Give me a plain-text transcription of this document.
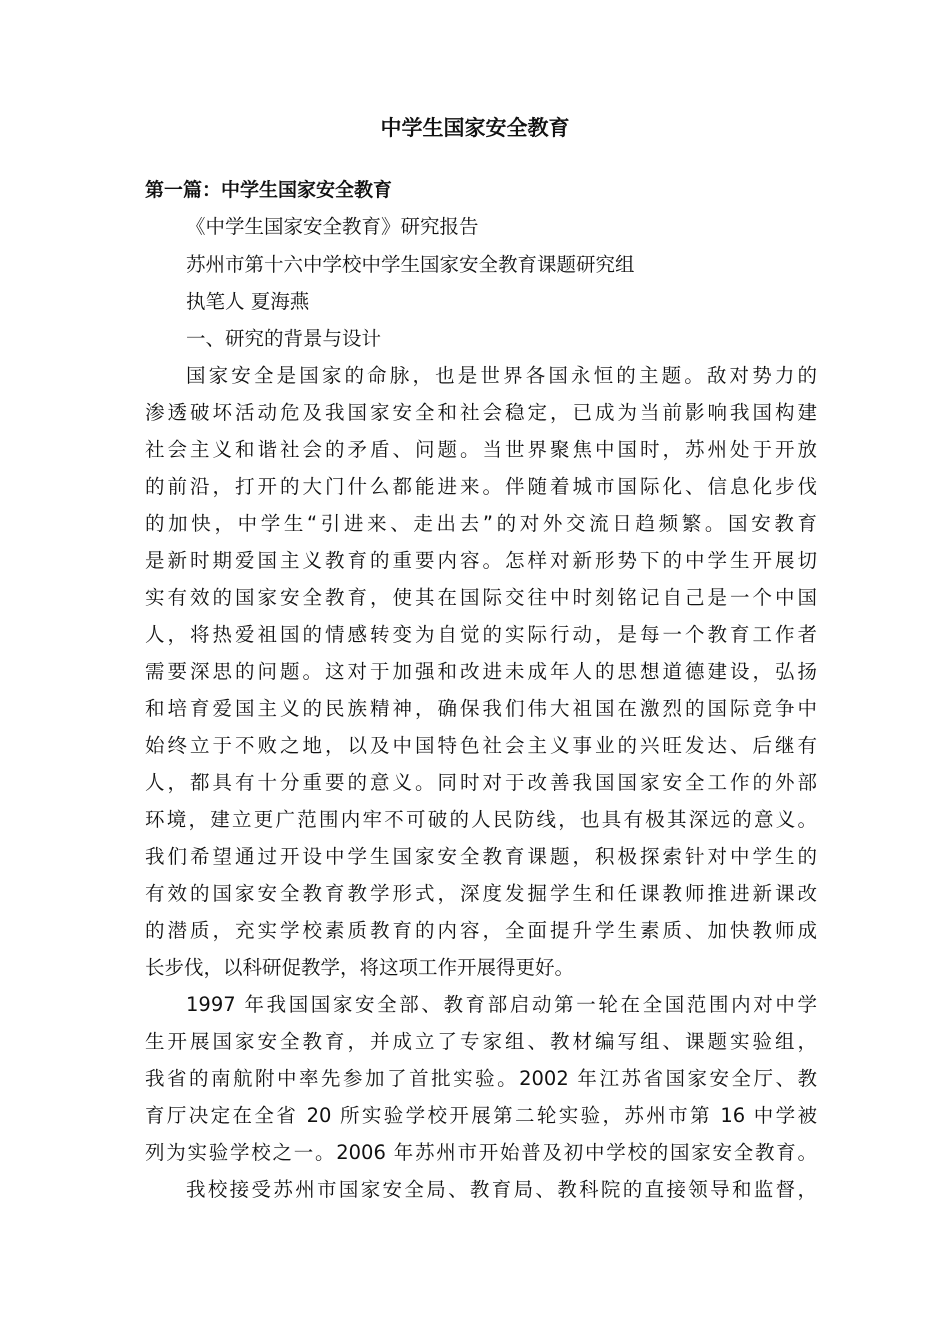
中学生国家安全教育
第一篇：中学生国家安全教育
《中学生国家安全教育》研究报告
苏州市第十六中学校中学生国家安全教育课题研究组
执笔人 夏海燕
一、研究的背景与设计
国家安全是国家的命脉，也是世界各国永恒的主题。敌对势力的
渗透破坏活动危及我国家安全和社会稳定，已成为当前影响我国构建
社会主义和谐社会的矛盾、问题。当世界聚焦中国时，苏州处于开放
的前沿，打开的大门什么都能进来。伴随着城市国际化、信息化步伐
的加快，中学生“引进来、走出去”的对外交流日趋频繁。国安教育
是新时期爱国主义教育的重要内容。怎样对新形势下的中学生开展切
实有效的国家安全教育，使其在国际交往中时刻铭记自己是一个中国
人，将热爱祖国的情感转变为自觉的实际行动，是每一个教育工作者
需要深思的问题。这对于加强和改进未成年人的思想道德建设，弘扬
和培育爱国主义的民族精神，确保我们伟大祖国在激烈的国际竞争中
始终立于不败之地，以及中国特色社会主义事业的兴旺发达、后继有
人，都具有十分重要的意义。同时对于改善我国国家安全工作的外部
环境，建立更广范围内牢不可破的人民防线，也具有极其深远的意义。
我们希望通过开设中学生国家安全教育课题，积极探索针对中学生的
有效的国家安全教育教学形式，深度发掘学生和任课教师推进新课改
的潜质，充实学校素质教育的内容，全面提升学生素质、加快教师成
长步伐，以科研促教学，将这项工作开展得更好。
1997 年我国国家安全部、教育部启动第一轮在全国范围内对中学
生开展国家安全教育，并成立了专家组、教材编写组、课题实验组，
我省的南航附中率先参加了首批实验。2002 年江苏省国家安全厅、教
育厅决定在全省 20 所实验学校开展第二轮实验，苏州市第 16 中学被
列为实验学校之一。2006 年苏州市开始普及初中学校的国家安全教育。
我校接受苏州市国家安全局、教育局、教科院的直接领导和监督，
